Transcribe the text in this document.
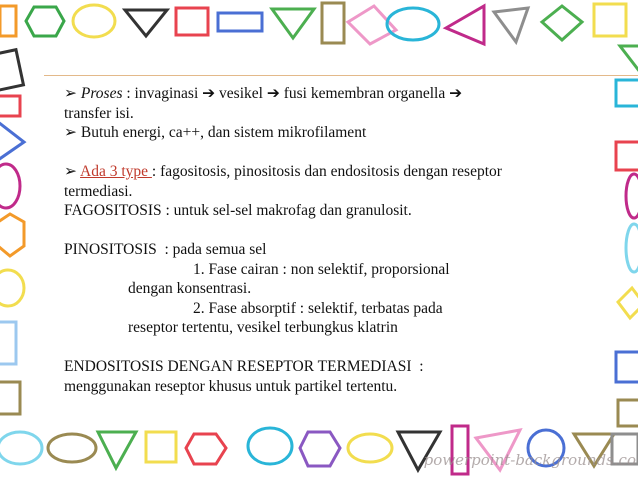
➢ Proses : invaginasi ➔ vesikel ➔ fusi kemembran organella ➔
transfer isi.
➢ Butuh energi, ca++, dan sistem mikrofilament
➢ Ada 3 type : fagositosis, pinositosis dan endositosis dengan reseptor
termediasi.
FAGOSITOSIS : untuk sel-sel makrofag dan granulosit.
PINOSITOSIS  : pada semua sel
1. Fase cairan : non selektif, proporsional
dengan konsentrasi.
2. Fase absorptif : selektif, terbatas pada
reseptor tertentu, vesikel terbungkus klatrin
ENDOSITOSIS DENGAN RESEPTOR TERMEDIASI  :
menggunakan reseptor khusus untuk partikel tertentu.
powerpoint-backgrounds.co
